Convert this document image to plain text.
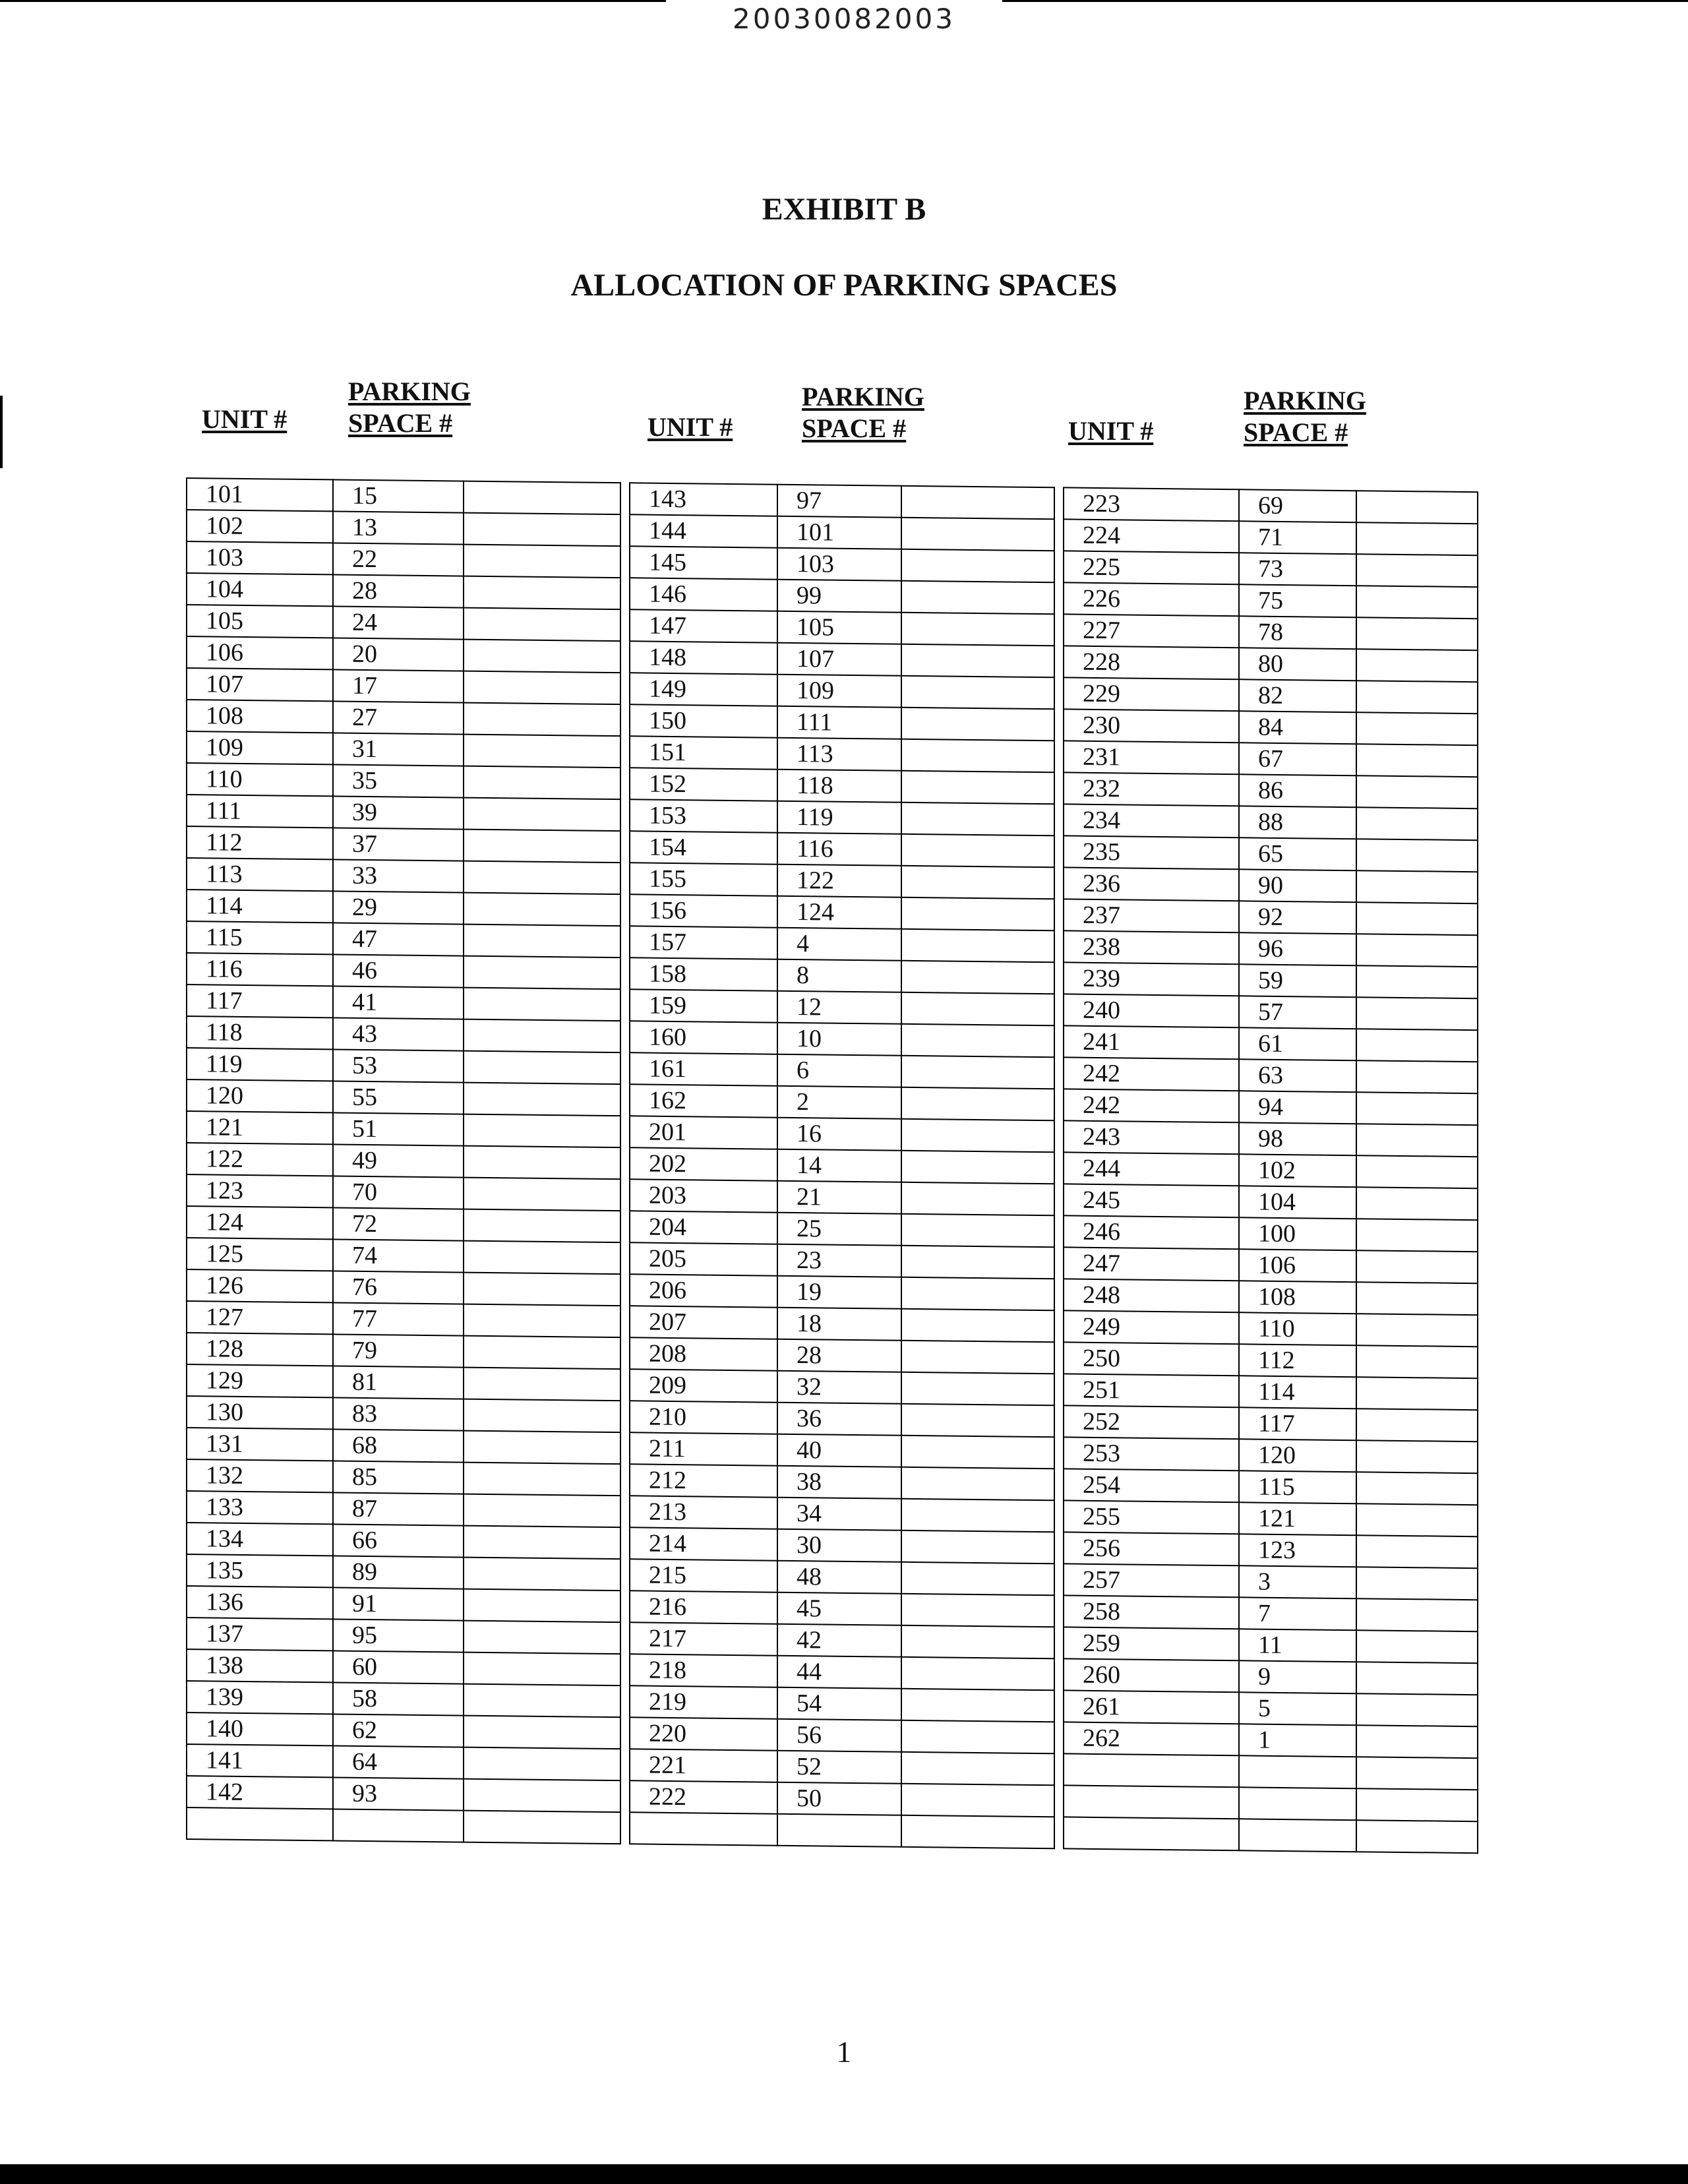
20030082003
EXHIBIT B
ALLOCATION OF PARKING SPACES
UNIT #
PARKING
SPACE #	UNIT #
PARKING
SPACE #	UNIT #
PARKING
SPACE #
101	15			143	97			223	69	
102	13			144	101			224	71	
103	22			145	103			225	73	
104	28			146	99			226	75	
105	24			147	105			227	78	
106	20			148	107			228	80	
107	17			149	109			229	82	
108	27			150	111			230	84	
109	31			151	113			231	67	
110	35			152	118			232	86	
111	39			153	119			234	88	
112	37			154	116			235	65	
113	33			155	122			236	90	
114	29			156	124			237	92	
115	47			157	4			238	96	
116	46			158	8			239	59	
117	41			159	12			240	57	
118	43			160	10			241	61	
119	53			161	6			242	63	
120	55			162	2			242	94	
121	51			201	16			243	98	
122	49			202	14			244	102	
123	70			203	21			245	104	
124	72			204	25			246	100	
125	74			205	23			247	106	
126	76			206	19			248	108	
127	77			207	18			249	110	
128	79			208	28			250	112	
129	81			209	32			251	114	
130	83			210	36			252	117	
131	68			211	40			253	120	
132	85			212	38			254	115	
133	87			213	34			255	121	
134	66			214	30			256	123	
135	89			215	48			257	3	
136	91			216	45			258	7	
137	95			217	42			259	11	
138	60			218	44			260	9	
139	58			219	54			261	5	
140	62			220	56			262	1	
141	64			221	52					
142	93			222	50					

1
